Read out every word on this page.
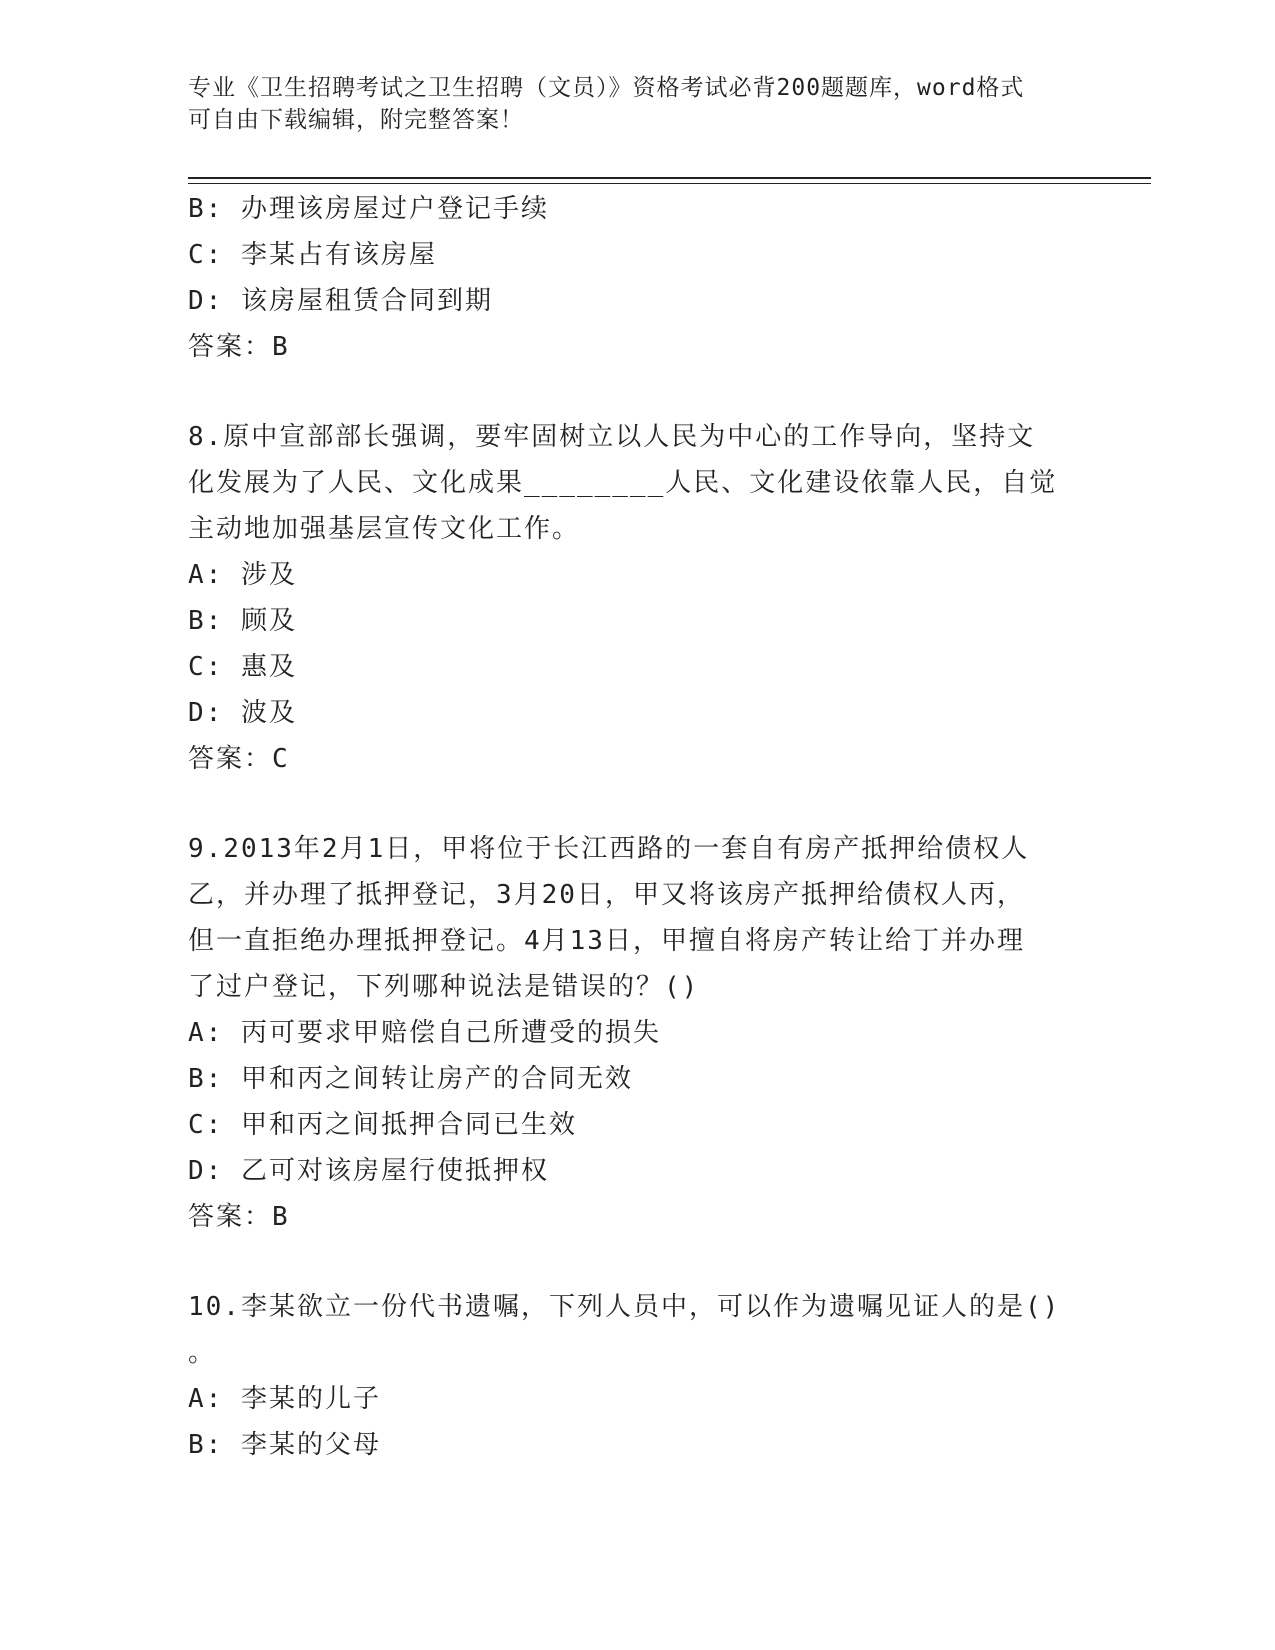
专业《卫生招聘考试之卫生招聘（文员）》资格考试必背200题题库，word格式
可自由下载编辑，附完整答案！
B: 办理该房屋过户登记手续
C: 李某占有该房屋
D: 该房屋租赁合同到期
答案：B
8.原中宣部部长强调，要牢固树立以人民为中心的工作导向，坚持文
化发展为了人民、文化成果________人民、文化建设依靠人民，自觉
主动地加强基层宣传文化工作。
A: 涉及
B: 顾及
C: 惠及
D: 波及
答案：C
9.2013年2月1日，甲将位于长江西路的一套自有房产抵押给债权人
乙，并办理了抵押登记，3月20日，甲又将该房产抵押给债权人丙，
但一直拒绝办理抵押登记。4月13日，甲擅自将房产转让给丁并办理
了过户登记，下列哪种说法是错误的？()
A: 丙可要求甲赔偿自己所遭受的损失
B: 甲和丙之间转让房产的合同无效
C: 甲和丙之间抵押合同已生效
D: 乙可对该房屋行使抵押权
答案：B
10.李某欲立一份代书遗嘱，下列人员中，可以作为遗嘱见证人的是()
。
A: 李某的儿子
B: 李某的父母
